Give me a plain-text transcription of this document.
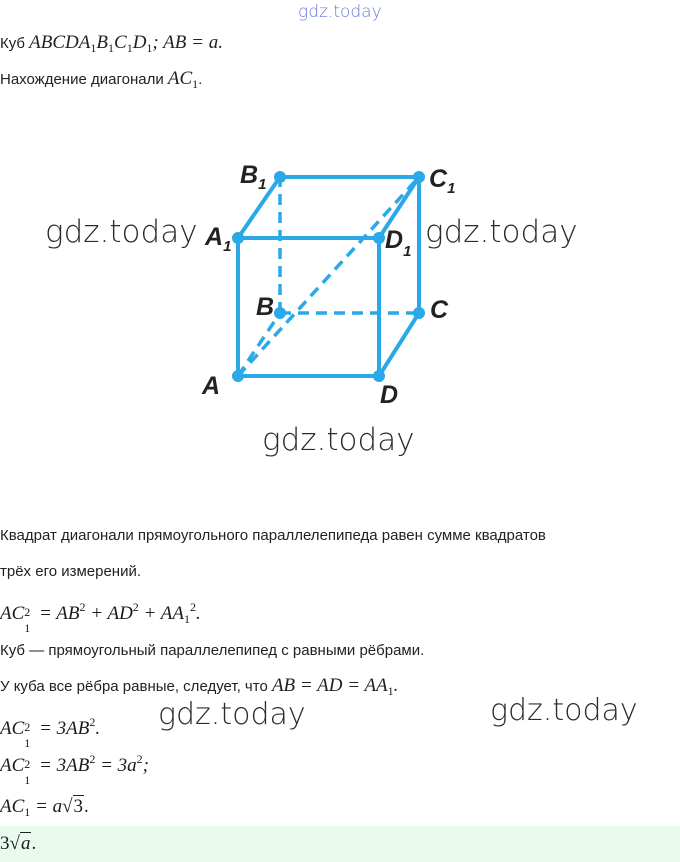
gdz.today
Куб $ABCDA_1B_1C_1D_1$; AB = a.
Нахождение диагонали $AC_1$.
$B_1$	$C_1$
$A_1$	$D_1$
B	C
A	D
gdz.today	gdz.today
gdz.today
Квадрат диагонали прямоугольного параллелепипеда равен сумме квадратов
трёх его измерений.
AC 2
1
= $AB^2 + AD^2 + AA_1^2$.
Куб — прямоугольный параллелепипед с равными рёбрами.
У куба все рёбра равные, следует, что AB = AD = $AA_1$.
AC 2
1
= $3AB^2$. gdz.today	gdz.today
AC 2
1
= $3AB^2 = 3a^2$;
$AC_1 = a√3$.
3√a.
